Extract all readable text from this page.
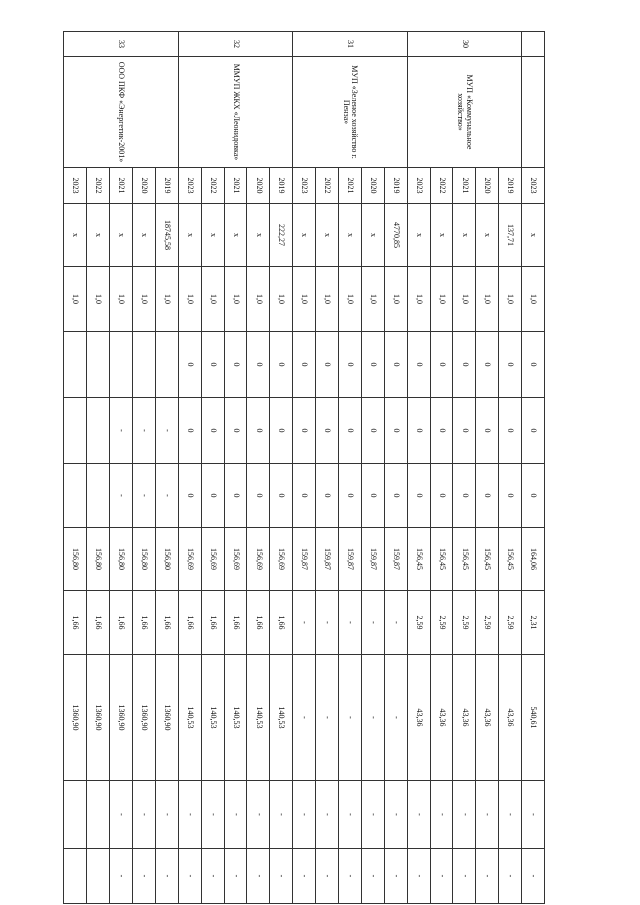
		2023	x	1,0	0	0	0	164,06	2,31	540,61	-	-
30	МУП «Коммунальное хозяйство»	2019	137,71	1,0	0	0	0	156,45	2,59	43,36	-	-
		2020	x	1,0	0	0	0	156,45	2,59	43,36	-	-
		2021	x	1,0	0	0	0	156,45	2,59	43,36	-	-
		2022	x	1,0	0	0	0	156,45	2,59	43,36	-	-
		2023	x	1,0	0	0	0	156,45	2,59	43,36	-	-
31	МУП «Зеленое хозяйство г. Пенза»	2019	4770,85	1,0	0	0	0	159,87	-	-	-	-
		2020	x	1,0	0	0	0	159,87	-	-	-	-
		2021	x	1,0	0	0	0	159,87	-	-	-	-
		2022	x	1,0	0	0	0	159,87	-	-	-	-
		2023	x	1,0	0	0	0	159,87	-	-	-	-
32	ММУП ЖКХ «Леонидовка»	2019	222,27	1,0	0	0	0	156,69	1,66	140,53	-	-
		2020	x	1,0	0	0	0	156,69	1,66	140,53	-	-
		2021	x	1,0	0	0	0	156,69	1,66	140,53	-	-
		2022	x	1,0	0	0	0	156,69	1,66	140,53	-	-
		2023	x	1,0	0	0	0	156,69	1,66	140,53	-	-
33	ООО ПКФ «Энергетик-2001»	2019	18745,58	1,0		-	-	156,80	1,66	1360,90	-	-
		2020	x	1,0		-	-	156,80	1,66	1360,90	-	-
		2021	x	1,0		-	-	156,80	1,66	1360,90	-	-
		2022	x	1,0				156,80	1,66	1360,90		
		2023	x	1,0				156,80	1,66	1360,90		
